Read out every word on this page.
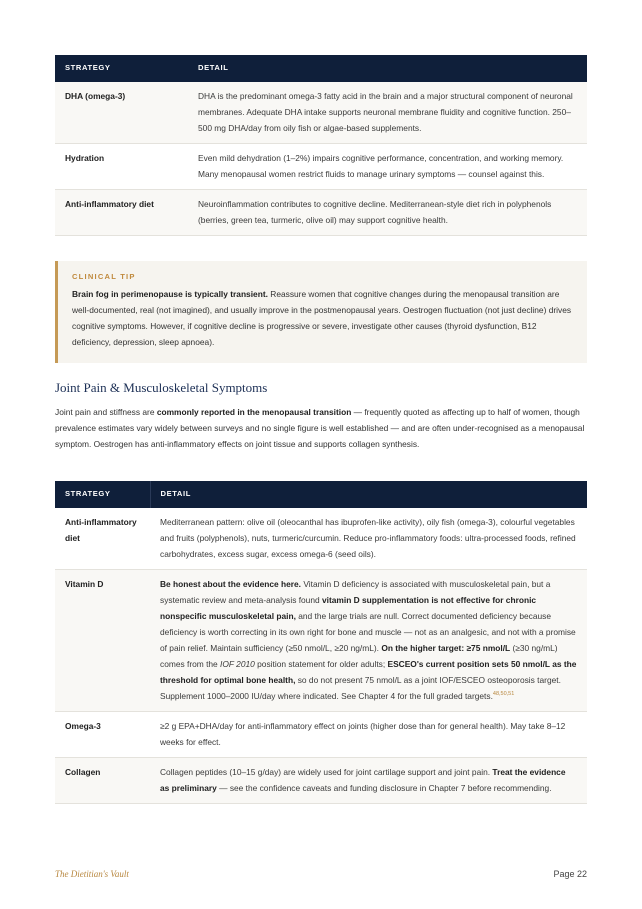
STRATEGY	DETAIL
DHA (omega-3)	DHA is the predominant omega-3 fatty acid in the brain and a major structural component of neuronal membranes. Adequate DHA intake supports neuronal membrane fluidity and cognitive function. 250–500 mg DHA/day from oily fish or algae-based supplements.
Hydration	Even mild dehydration (1–2%) impairs cognitive performance, concentration, and working memory. Many menopausal women restrict fluids to manage urinary symptoms — counsel against this.
Anti-inflammatory diet	Neuroinflammation contributes to cognitive decline. Mediterranean-style diet rich in polyphenols (berries, green tea, turmeric, olive oil) may support cognitive health.
CLINICAL TIP
Brain fog in perimenopause is typically transient. Reassure women that cognitive changes during the menopausal transition are well-documented, real (not imagined), and usually improve in the postmenopausal years. Oestrogen fluctuation (not just decline) drives cognitive symptoms. However, if cognitive decline is progressive or severe, investigate other causes (thyroid dysfunction, B12 deficiency, depression, sleep apnoea).
Joint Pain & Musculoskeletal Symptoms
Joint pain and stiffness are commonly reported in the menopausal transition — frequently quoted as affecting up to half of women, though prevalence estimates vary widely between surveys and no single figure is well established — and are often under-recognised as a menopausal symptom. Oestrogen has anti-inflammatory effects on joint tissue and supports collagen synthesis.
STRATEGY	DETAIL
Anti-inflammatory diet	Mediterranean pattern: olive oil (oleocanthal has ibuprofen-like activity), oily fish (omega-3), colourful vegetables and fruits (polyphenols), nuts, turmeric/curcumin. Reduce pro-inflammatory foods: ultra-processed foods, refined carbohydrates, excess sugar, excess omega-6 (seed oils).
Vitamin D	Be honest about the evidence here. Vitamin D deficiency is associated with musculoskeletal pain, but a systematic review and meta-analysis found vitamin D supplementation is not effective for chronic nonspecific musculoskeletal pain, and the large trials are null. Correct documented deficiency because deficiency is worth correcting in its own right for bone and muscle — not as an analgesic, and not with a promise of pain relief. Maintain sufficiency (≥50 nmol/L, ≥20 ng/mL). On the higher target: ≥75 nmol/L (≥30 ng/mL) comes from the IOF 2010 position statement for older adults; ESCEO's current position sets 50 nmol/L as the threshold for optimal bone health, so do not present 75 nmol/L as a joint IOF/ESCEO osteoporosis target. Supplement 1000–2000 IU/day where indicated. See Chapter 4 for the full graded targets.$^{48,50,51}$
Omega-3	≥2 g EPA+DHA/day for anti-inflammatory effect on joints (higher dose than for general health). May take 8–12 weeks for effect.
Collagen	Collagen peptides (10–15 g/day) are widely used for joint cartilage support and joint pain. Treat the evidence as preliminary — see the confidence caveats and funding disclosure in Chapter 7 before recommending.
The Dietitian's Vault	Page 22
